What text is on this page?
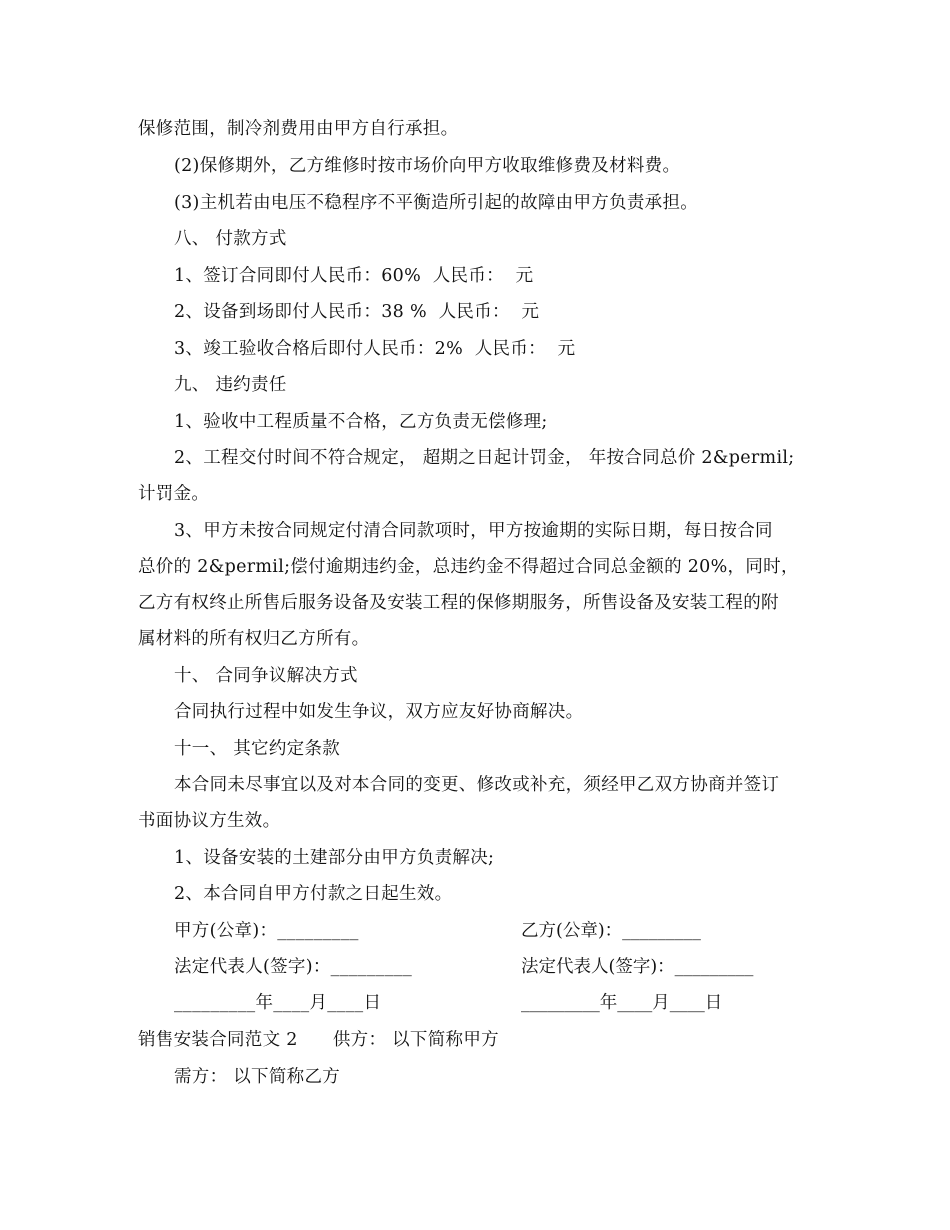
保修范围，制冷剂费用由甲方自行承担。
(2)保修期外，乙方维修时按市场价向甲方收取维修费及材料费。
(3)主机若由电压不稳程序不平衡造所引起的故障由甲方负责承担。
八、 付款方式
1、签订合同即付人民币：60%  人民币：  元
2、设备到场即付人民币：38 %  人民币：  元
3、竣工验收合格后即付人民币：2%  人民币：  元
九、 违约责任
1、验收中工程质量不合格，乙方负责无偿修理;
2、工程交付时间不符合规定， 超期之日起计罚金， 年按合同总价 2&permil;
计罚金。
3、甲方未按合同规定付清合同款项时，甲方按逾期的实际日期，每日按合同
总价的 2&permil;偿付逾期违约金，总违约金不得超过合同总金额的 20%，同时，
乙方有权终止所售后服务设备及安装工程的保修期服务，所售设备及安装工程的附
属材料的所有权归乙方所有。
十、 合同争议解决方式
合同执行过程中如发生争议，双方应友好协商解决。
十一、 其它约定条款
本合同未尽事宜以及对本合同的变更、修改或补充，须经甲乙双方协商并签订
书面协议方生效。
1、设备安装的土建部分由甲方负责解决;
2、本合同自甲方付款之日起生效。
甲方(公章)：_________	乙方(公章)：_________
法定代表人(签字)：_________	法定代表人(签字)：_________
_________年____月____日	_________年____月____日
销售安装合同范文 2      供方： 以下简称甲方
需方： 以下简称乙方
